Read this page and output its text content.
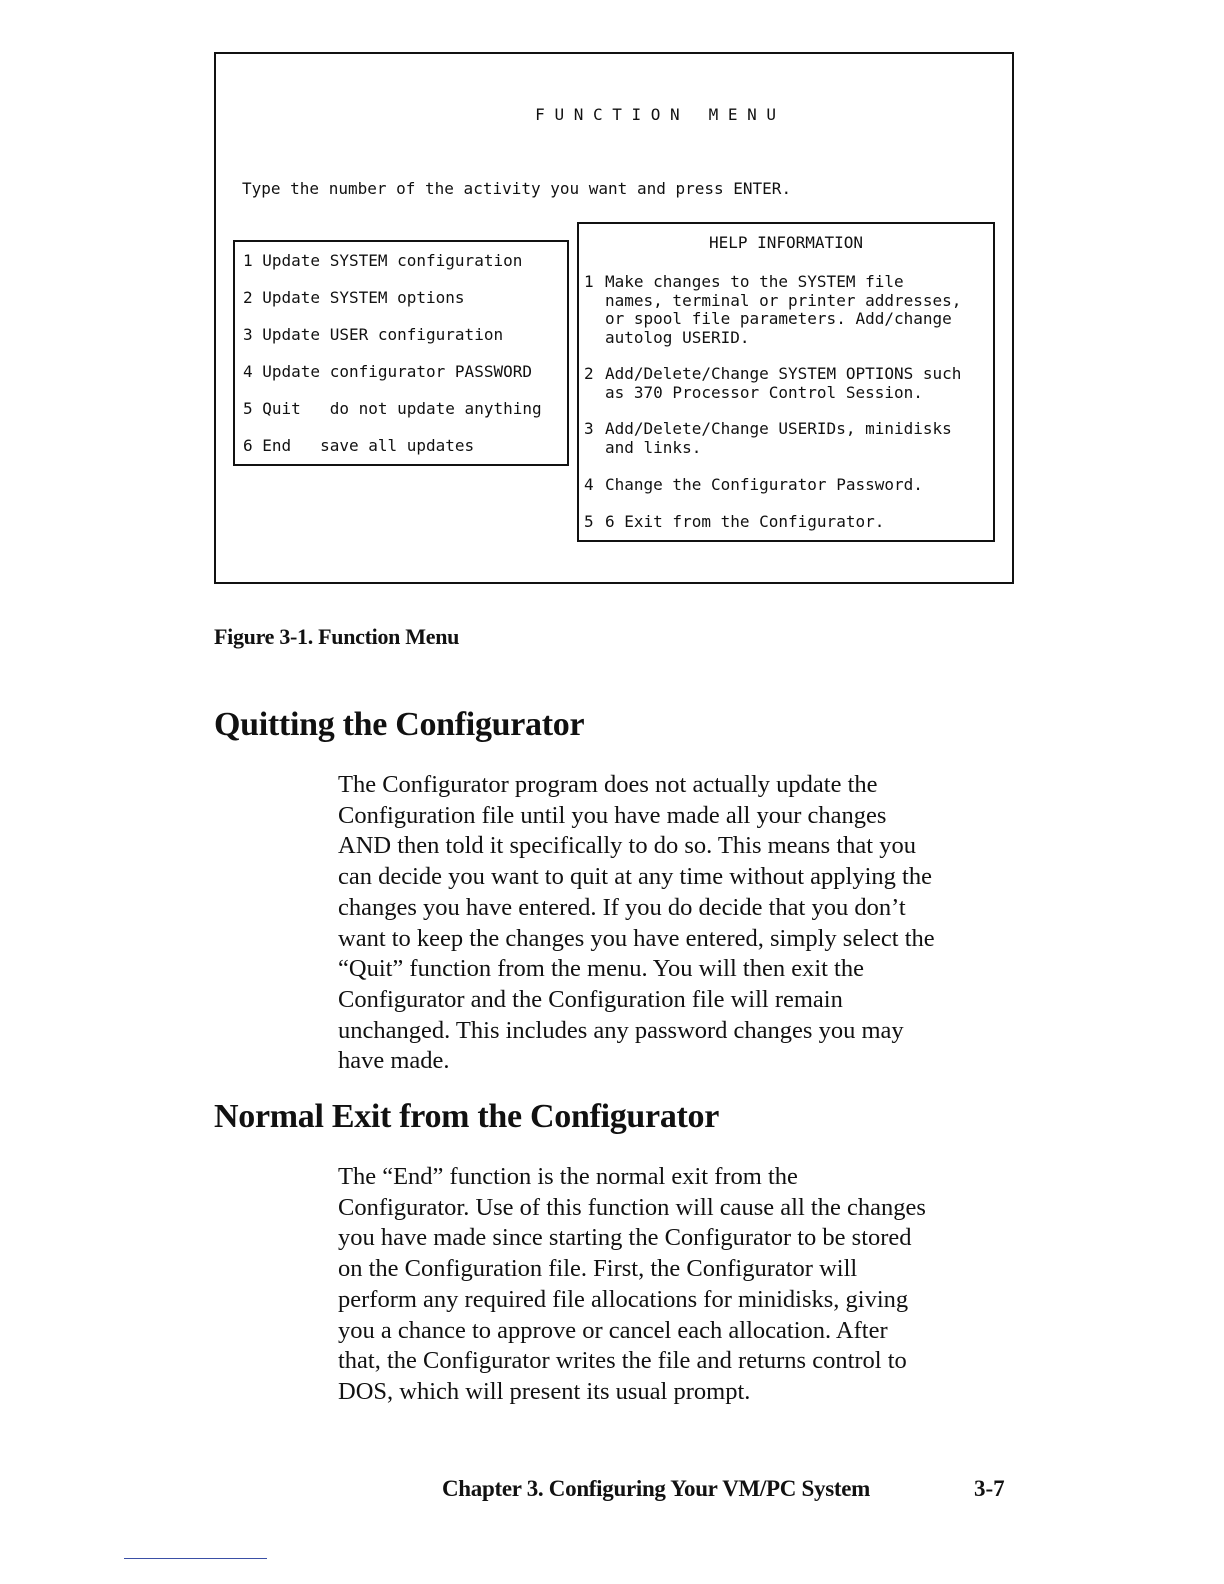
F U N C T I O N   M E N U
Type the number of the activity you want and press ENTER.
1 Update SYSTEM configuration
2 Update SYSTEM options
3 Update USER configuration
4 Update configurator PASSWORD
5 Quit   do not update anything
6 End   save all updates
HELP INFORMATION

1

Make changes to the SYSTEM file
names, terminal or printer addresses,
or spool file parameters. Add/change
autolog USERID.

2

Add/Delete/Change SYSTEM OPTIONS such
as 370 Processor Control Session.

3

Add/Delete/Change USERIDs, minidisks
and links.

4

Change the Configurator Password.

5

6 Exit from the Configurator.

Figure 3-1. Function Menu
Quitting the Configurator
The Configurator program does not actually update the
Configuration file until you have made all your changes
AND then told it specifically to do so. This means that you
can decide you want to quit at any time without applying the
changes you have entered. If you do decide that you don’t
want to keep the changes you have entered, simply select the
“Quit” function from the menu. You will then exit the
Configurator and the Configuration file will remain
unchanged. This includes any password changes you may
have made.
Normal Exit from the Configurator
The “End” function is the normal exit from the
Configurator. Use of this function will cause all the changes
you have made since starting the Configurator to be stored
on the Configuration file. First, the Configurator will
perform any required file allocations for minidisks, giving
you a chance to approve or cancel each allocation. After
that, the Configurator writes the file and returns control to
DOS, which will present its usual prompt.
Chapter 3. Configuring Your VM/PC System	3-7
